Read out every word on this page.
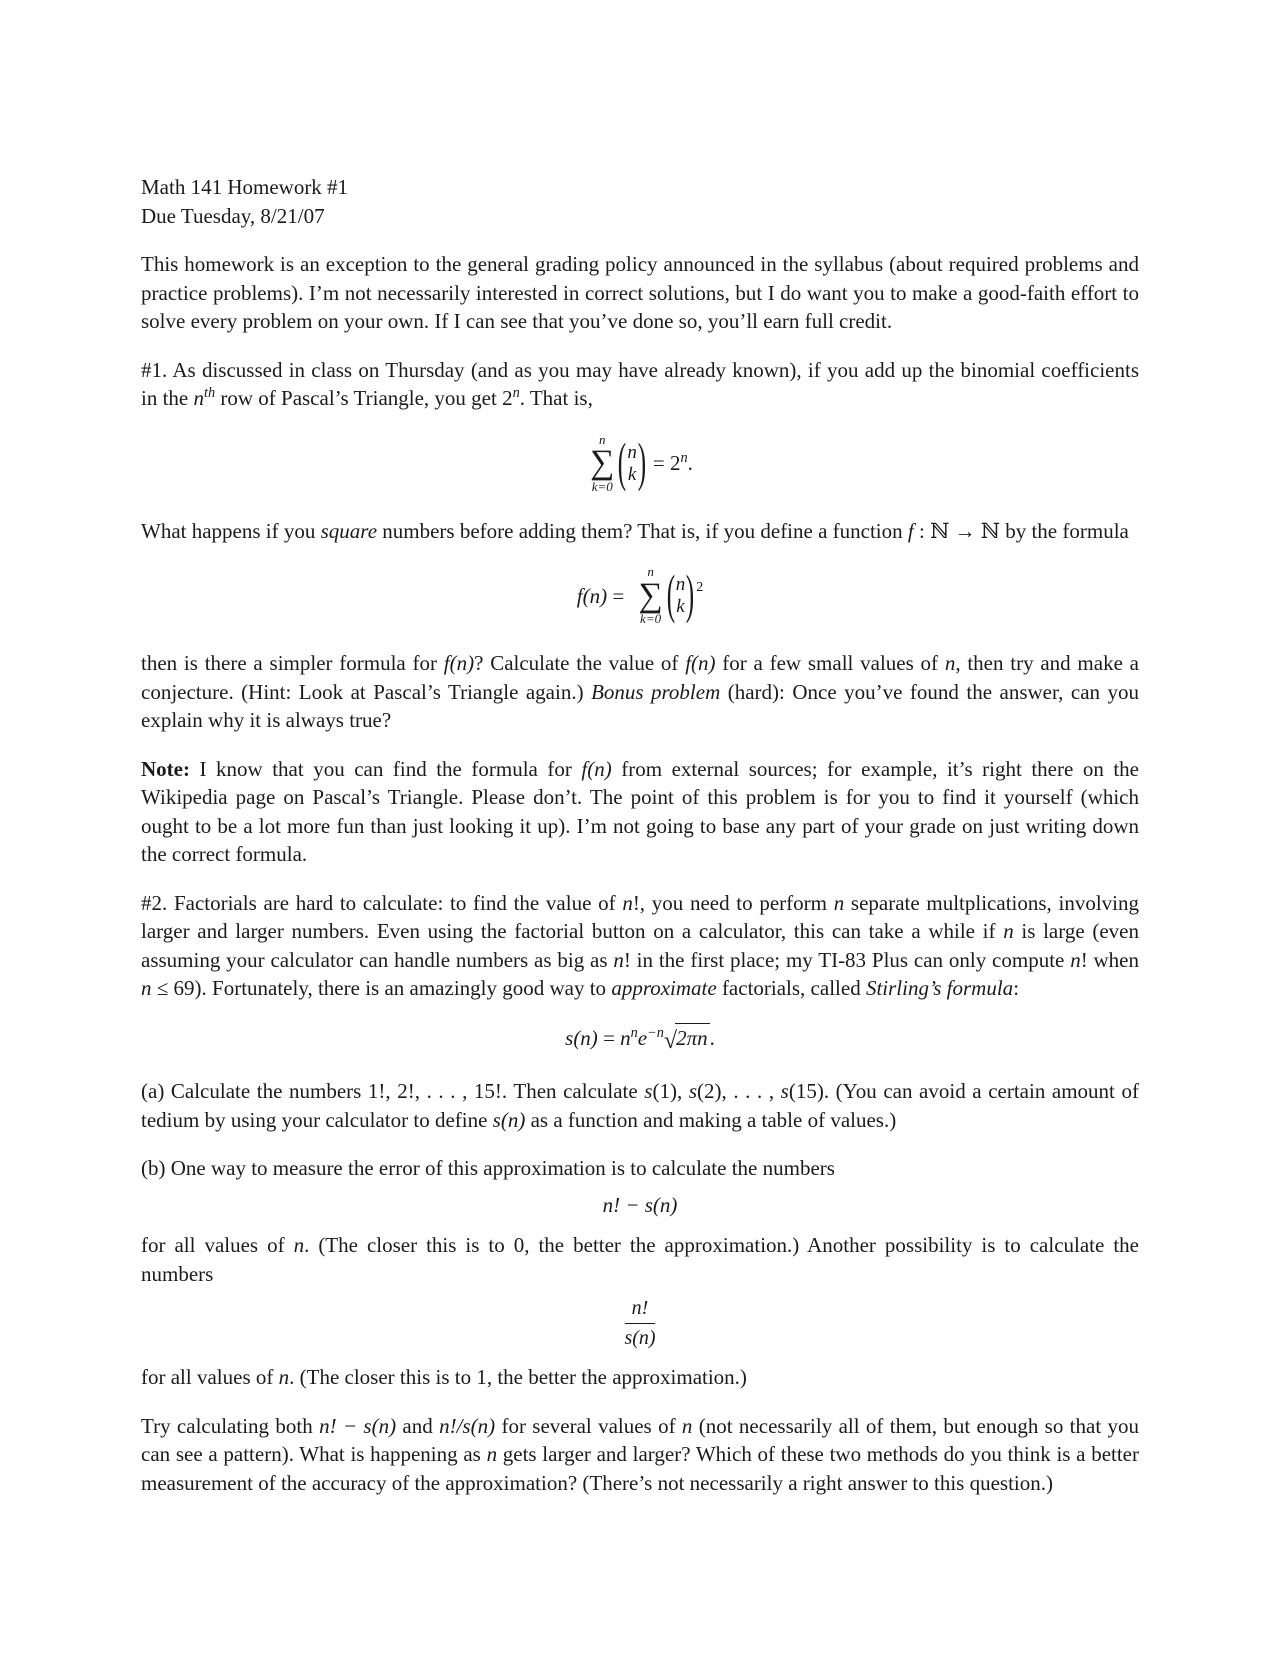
Math 141 Homework #1
Due Tuesday, 8/21/07

This homework is an exception to the general grading policy announced in the syllabus (about required problems and practice problems). I’m not necessarily interested in correct solutions, but I do want you to make a good-faith effort to solve every problem on your own. If I can see that you’ve done so, you’ll earn full credit.

#1. As discussed in class on Thursday (and as you may have already known), if you add up the binomial coefficients in the $n^{th}$ row of Pascal’s Triangle, you get 2$^n$. That is,

n
∑
k=0 ( n
k ) = $2^n$.

What happens if you square numbers before adding them? That is, if you define a function f : ℕ → ℕ by the formula

f(n) =
n
∑
k=0 ( n
k ) 2

then is there a simpler formula for f(n)? Calculate the value of f(n) for a few small values of n, then try and make a conjecture. (Hint: Look at Pascal’s Triangle again.) Bonus problem (hard): Once you’ve found the answer, can you explain why it is always true?

Note: I know that you can find the formula for f(n) from external sources; for example, it’s right there on the Wikipedia page on Pascal’s Triangle. Please don’t. The point of this problem is for you to find it yourself (which ought to be a lot more fun than just looking it up). I’m not going to base any part of your grade on just writing down the correct formula.

#2. Factorials are hard to calculate: to find the value of n!, you need to perform n separate multplications, involving larger and larger numbers. Even using the factorial button on a calculator, this can take a while if n is large (even assuming your calculator can handle numbers as big as n! in the first place; my TI-83 Plus can only compute n! when n ≤ 69). Fortunately, there is an amazingly good way to approximate factorials, called Stirling’s formula:

$s(n) = n^ne^{-n}√2\pi n$.

(a) Calculate the numbers 1!, 2!, . . . , 15!. Then calculate s(1), s(2), . . . , s(15). (You can avoid a certain amount of tedium by using your calculator to define s(n) as a function and making a table of values.)

(b) One way to measure the error of this approximation is to calculate the numbers

n! − s(n)

for all values of n. (The closer this is to 0, the better the approximation.) Another possibility is to calculate the numbers

$\frac{n!}{s(n)}$

for all values of n. (The closer this is to 1, the better the approximation.)

Try calculating both n! − s(n) and n!/s(n) for several values of n (not necessarily all of them, but enough so that you can see a pattern). What is happening as n gets larger and larger? Which of these two methods do you think is a better measurement of the accuracy of the approximation? (There’s not necessarily a right answer to this question.)
